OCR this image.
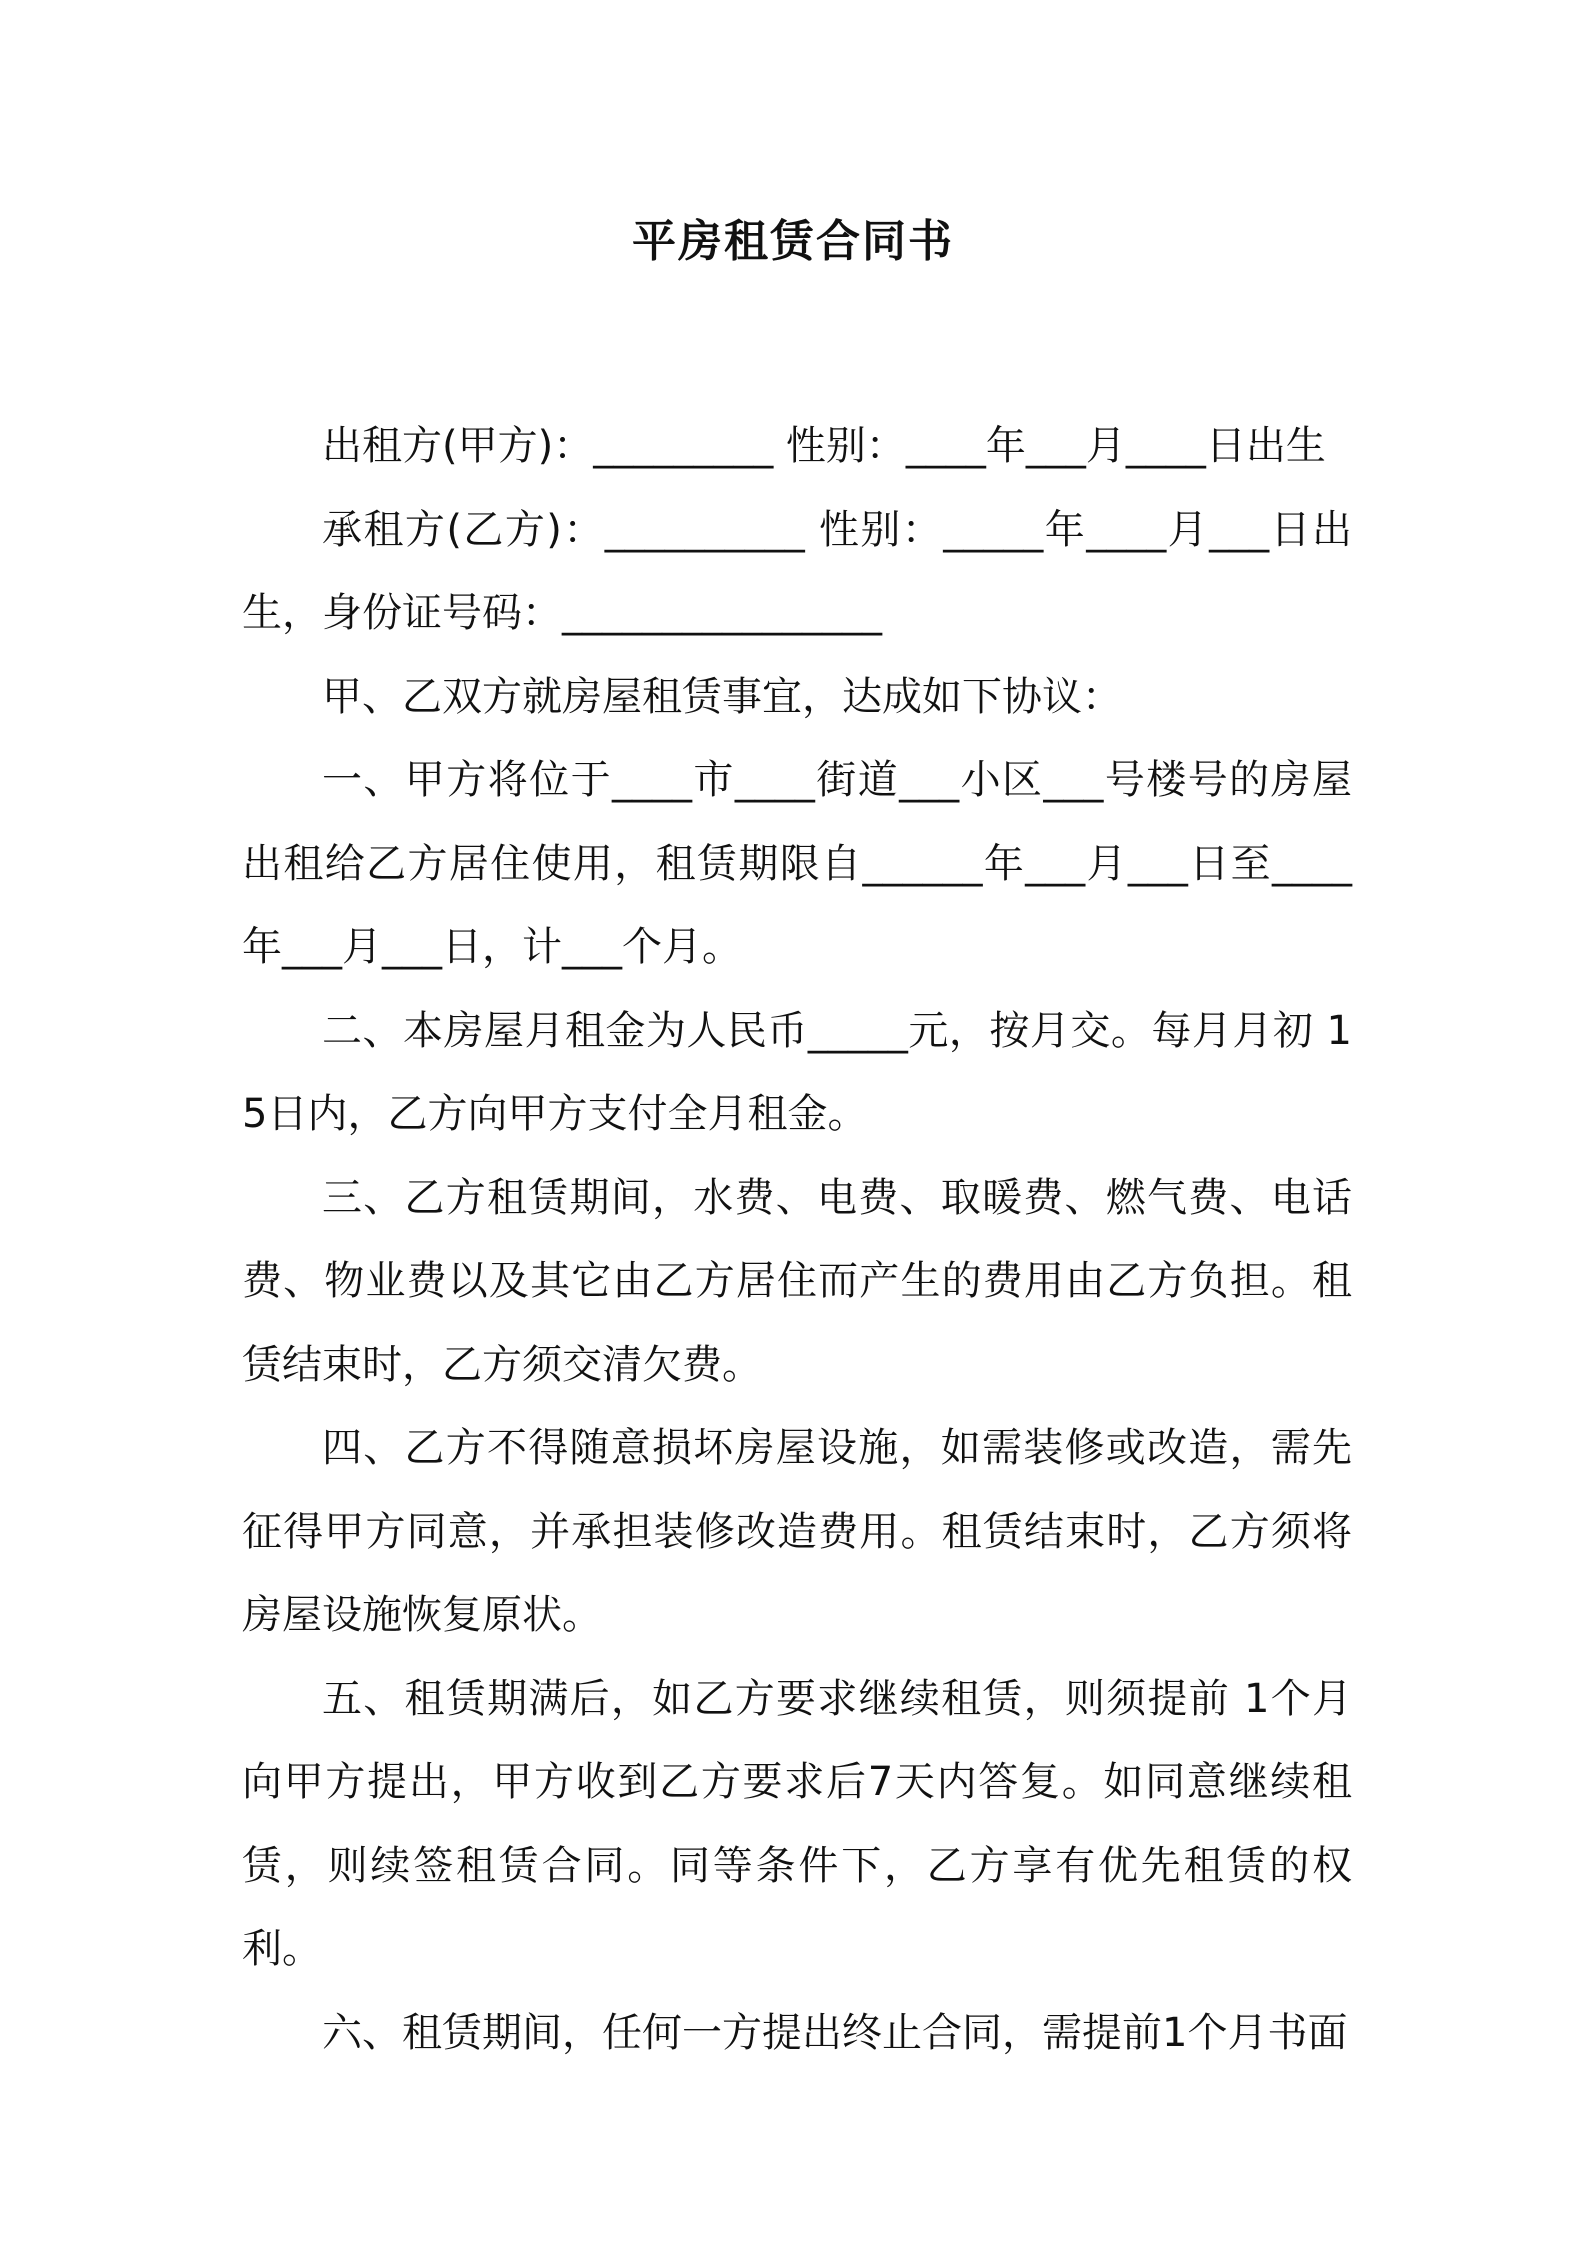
平房租赁合同书

出租方(甲方)：_________ 性别：____年___月____日出生

承租方(乙方)：__________ 性别：_____年____月___日出生，身份证号码：________________

甲、乙双方就房屋租赁事宜，达成如下协议：

一、甲方将位于____市____街道___小区___号楼号的房屋出租给乙方居住使用，租赁期限自______年___月___日至____年___月___日，计___个月。

二、本房屋月租金为人民币_____元，按月交。每月月初 15日内，乙方向甲方支付全月租金。

三、乙方租赁期间，水费、电费、取暖费、燃气费、电话费、物业费以及其它由乙方居住而产生的费用由乙方负担。租赁结束时，乙方须交清欠费。

四、乙方不得随意损坏房屋设施，如需装修或改造，需先征得甲方同意，并承担装修改造费用。租赁结束时，乙方须将房屋设施恢复原状。

五、租赁期满后，如乙方要求继续租赁，则须提前 1个月向甲方提出，甲方收到乙方要求后7天内答复。如同意继续租赁，则续签租赁合同。同等条件下，乙方享有优先租赁的权利。

六、租赁期间，任何一方提出终止合同，需提前1个月书面
